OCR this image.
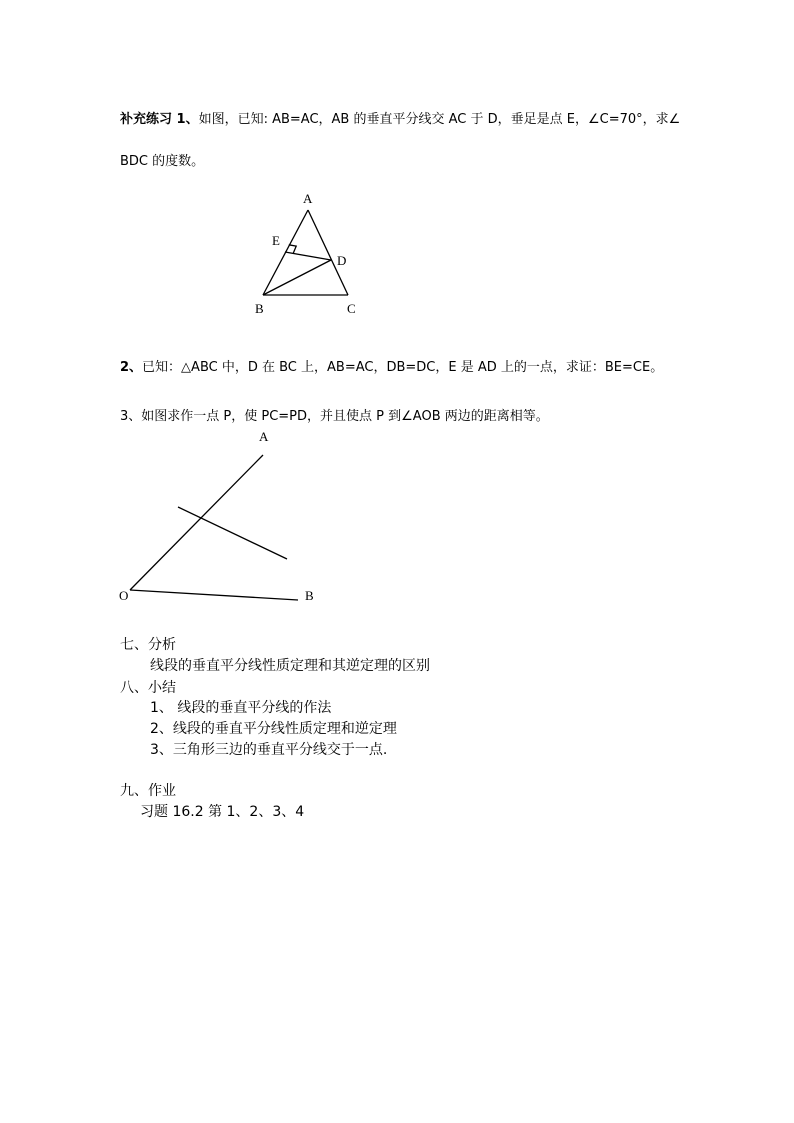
补充练习 1、如图，已知: AB=AC，AB 的垂直平分线交 AC 于 D，垂足是点 E，∠C=70°，求∠
BDC 的度数。
A
E
D
B	C
A
O	B
2、已知：△ABC 中，D 在 BC 上，AB=AC，DB=DC，E 是 AD 上的一点，求证：BE=CE。
3、如图求作一点 P，使 PC=PD，并且使点 P 到∠AOB 两边的距离相等。
七、分析
线段的垂直平分线性质定理和其逆定理的区别
八、小结
1、 线段的垂直平分线的作法
2、线段的垂直平分线性质定理和逆定理
3、三角形三边的垂直平分线交于一点.
九、作业
习题 16.2 第 1、2、3、4
